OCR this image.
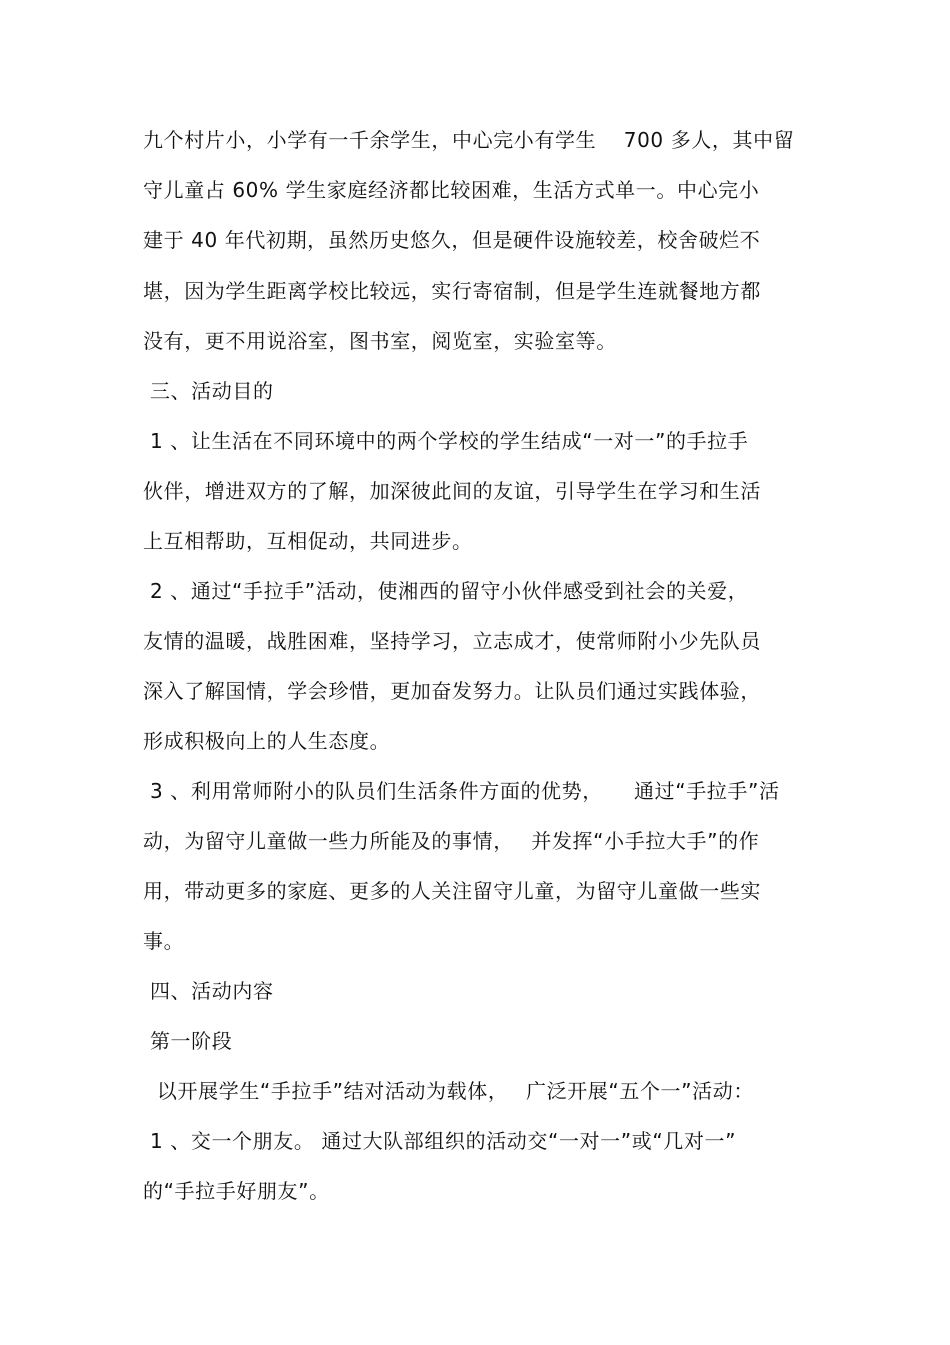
九个村片小，小学有一千余学生，中心完小有学生　 700 多人，其中留
守儿童占 60% 学生家庭经济都比较困难，生活方式单一。中心完小
建于 40 年代初期，虽然历史悠久，但是硬件设施较差，校舍破烂不
堪，因为学生距离学校比较远，实行寄宿制，但是学生连就餐地方都
没有，更不用说浴室，图书室，阅览室，实验室等。
三、活动目的
1 、让生活在不同环境中的两个学校的学生结成“一对一”的手拉手
伙伴，增进双方的了解，加深彼此间的友谊，引导学生在学习和生活
上互相帮助，互相促动，共同进步。
2 、通过“手拉手”活动，使湘西的留守小伙伴感受到社会的关爱，
友情的温暖，战胜困难，坚持学习，立志成才，使常师附小少先队员
深入了解国情，学会珍惜，更加奋发努力。让队员们通过实践体验，
形成积极向上的人生态度。
3 、利用常师附小的队员们生活条件方面的优势，　　通过“手拉手”活
动，为留守儿童做一些力所能及的事情，　 并发挥“小手拉大手”的作
用，带动更多的家庭、更多的人关注留守儿童，为留守儿童做一些实
事。
四、活动内容
第一阶段
以开展学生“手拉手”结对活动为载体，　 广泛开展“五个一”活动：
1 、交一个朋友。 通过大队部组织的活动交“一对一”或“几对一”
的“手拉手好朋友”。
